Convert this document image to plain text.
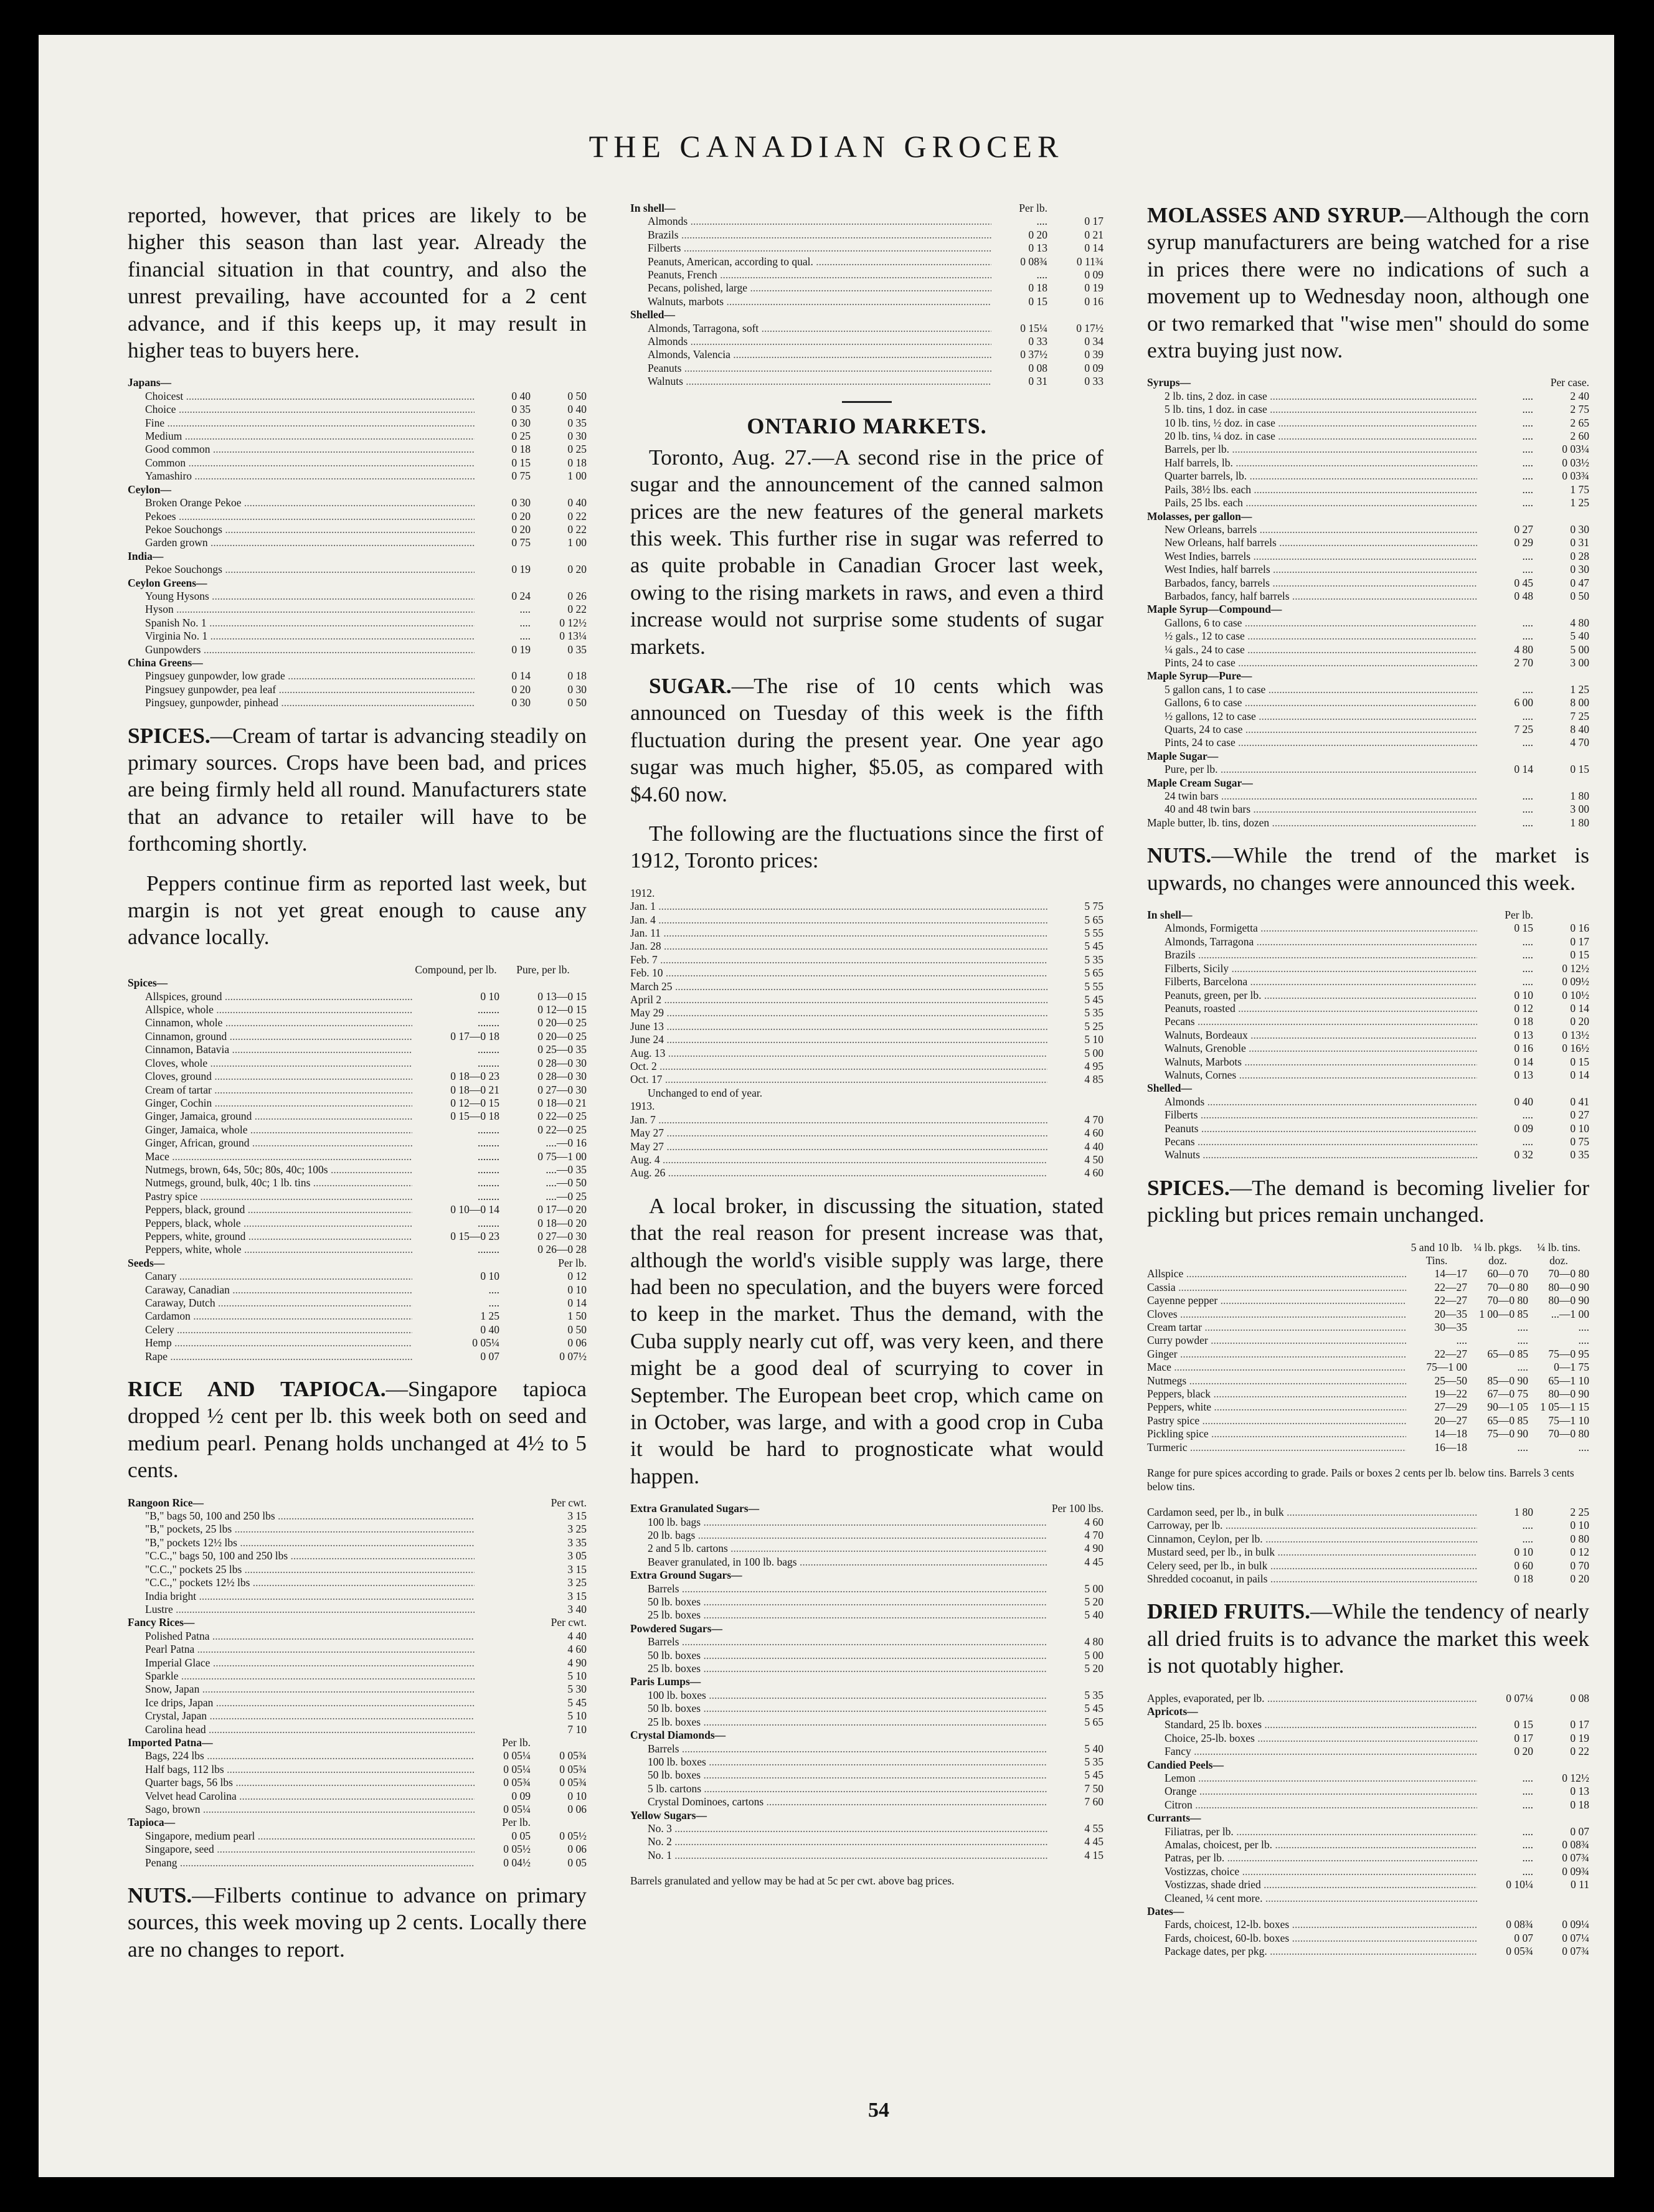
THE CANADIAN GROCER

reported, however, that prices are likely to be higher this season than last year. Already the financial situation in that country, and also the unrest prevailing, have accounted for a 2 cent advance, and if this keeps up, it may result in higher teas to buyers here.

Japans—
Choicest .....	0 40	0 50
Choice .....	0 35	0 40
Fine .....	0 30	0 35
Medium .....	0 25	0 30
Good common .....	0 18	0 25
Common .....	0 15	0 18
Yamashiro .....	0 75	1 00
Ceylon—
Broken Orange Pekoe .....	0 30	0 40
Pekoes .....	0 20	0 22
Pekoe Souchongs .....	0 20	0 22
Garden grown .....	0 75	1 00
India—
Pekoe Souchongs .....	0 19	0 20
Ceylon Greens—
Young Hysons .....	0 24	0 26
Hyson .....	....	0 22
Spanish No. 1 .....	....	0 12½
Virginia No. 1 .....	....	0 13¼
Gunpowders .....	0 19	0 35
China Greens—
Pingsuey gunpowder, low grade .....	0 14	0 18
Pingsuey gunpowder, pea leaf .....	0 20	0 30
Pingsuey, gunpowder, pinhead .....	0 30	0 50

SPICES.—Cream of tartar is advancing steadily on primary sources. Crops have been bad, and prices are being firmly held all round. Manufacturers state that an advance to retailer will have to be forthcoming shortly.

Peppers continue firm as reported last week, but margin is not yet great enough to cause any advance locally.

Compound, per lb.	Pure, per lb.
Spices—
Allspices, ground .....	0 10	0 13—0 15
Allspice, whole .....	........	0 12—0 15
Cinnamon, whole .....	........	0 20—0 25
Cinnamon, ground .....	0 17—0 18	0 20—0 25
Cinnamon, Batavia .....	........	0 25—0 35
Cloves, whole .....	........	0 28—0 30
Cloves, ground .....	0 18—0 23	0 28—0 30
Cream of tartar .....	0 18—0 21	0 27—0 30
Ginger, Cochin .....	0 12—0 15	0 18—0 21
Ginger, Jamaica, ground .....	0 15—0 18	0 22—0 25
Ginger, Jamaica, whole .....	........	0 22—0 25
Ginger, African, ground .....	........	....—0 16
Mace .....	........	0 75—1 00
Nutmegs, brown, 64s, 50c; 80s, 40c; 100s .....	........	....—0 35
Nutmegs, ground, bulk, 40c; 1 lb. tins .....	........	....—0 50
Pastry spice .....	........	....—0 25
Peppers, black, ground .....	0 10—0 14	0 17—0 20
Peppers, black, whole .....	........	0 18—0 20
Peppers, white, ground .....	0 15—0 23	0 27—0 30
Peppers, white, whole .....	........	0 26—0 28
Seeds—	Per lb.
Canary .....	0 10	0 12
Caraway, Canadian .....	....	0 10
Caraway, Dutch .....	....	0 14
Cardamon .....	1 25	1 50
Celery .....	0 40	0 50
Hemp .....	0 05¼	0 06
Rape .....	0 07	0 07½

RICE AND TAPIOCA.—Singapore tapioca dropped ½ cent per lb. this week both on seed and medium pearl. Penang holds unchanged at 4½ to 5 cents.

Rangoon Rice—	Per cwt.
"B," bags 50, 100 and 250 lbs .....	3 15
"B," pockets, 25 lbs .....	3 25
"B," pockets 12½ lbs .....	3 35
"C.C.," bags 50, 100 and 250 lbs .....	3 05
"C.C.," pockets 25 lbs .....	3 15
"C.C.," pockets 12½ lbs .....	3 25
India bright .....	3 15
Lustre .....	3 40
Fancy Rices—	Per cwt.
Polished Patna .....	4 40
Pearl Patna .....	4 60
Imperial Glace .....	4 90
Sparkle .....	5 10
Snow, Japan .....	5 30
Ice drips, Japan .....	5 45
Crystal, Japan .....	5 10
Carolina head .....	7 10
Imported Patna—	Per lb.
Bags, 224 lbs .....	0 05¼	0 05¾
Half bags, 112 lbs .....	0 05¼	0 05¾
Quarter bags, 56 lbs .....	0 05¾	0 05¾
Velvet head Carolina .....	0 09	0 10
Sago, brown .....	0 05¼	0 06
Tapioca—	Per lb.
Singapore, medium pearl .....	0 05	0 05½
Singapore, seed .....	0 05½	0 06
Penang .....	0 04½	0 05

NUTS.—Filberts continue to advance on primary sources, this week moving up 2 cents. Locally there are no changes to report.

In shell—	Per lb.
Almonds .....	....	0 17
Brazils .....	0 20	0 21
Filberts .....	0 13	0 14
Peanuts, American, according to qual. .....	0 08¾	0 11¾
Peanuts, French .....	....	0 09
Pecans, polished, large .....	0 18	0 19
Walnuts, marbots .....	0 15	0 16
Shelled—
Almonds, Tarragona, soft .....	0 15¼	0 17½
Almonds .....	0 33	0 34
Almonds, Valencia .....	0 37½	0 39
Peanuts .....	0 08	0 09
Walnuts .....	0 31	0 33
ONTARIO MARKETS.

Toronto, Aug. 27.—A second rise in the price of sugar and the announcement of the canned salmon prices are the new features of the general markets this week. This further rise in sugar was referred to as quite probable in Canadian Grocer last week, owing to the rising markets in raws, and even a third increase would not surprise some students of sugar markets.

SUGAR.—The rise of 10 cents which was announced on Tuesday of this week is the fifth fluctuation during the present year. One year ago sugar was much higher, $5.05, as compared with $4.60 now.

The following are the fluctuations since the first of 1912, Toronto prices:

1912.
Jan. 1 .....	5 75
Jan. 4 .....	5 65
Jan. 11 .....	5 55
Jan. 28 .....	5 45
Feb. 7 .....	5 35
Feb. 10 .....	5 65
March 25 .....	5 55
April 2 .....	5 45
May 29 .....	5 35
June 13 .....	5 25
June 24 .....	5 10
Aug. 13 .....	5 00
Oct. 2 .....	4 95
Oct. 17 .....	4 85
Unchanged to end of year.
1913.
Jan. 7 .....	4 70
May 27 .....	4 60
May 27 .....	4 40
Aug. 4 .....	4 50
Aug. 26 .....	4 60

A local broker, in discussing the situation, stated that the real reason for present increase was that, although the world's visible supply was large, there had been no speculation, and the buyers were forced to keep in the market. Thus the demand, with the Cuba supply nearly cut off, was very keen, and there might be a good deal of scurrying to cover in September. The European beet crop, which came on in October, was large, and with a good crop in Cuba it would be hard to prognosticate what would happen.

Extra Granulated Sugars—	Per 100 lbs.
100 lb. bags .....	4 60
20 lb. bags .....	4 70
2 and 5 lb. cartons .....	4 90
Beaver granulated, in 100 lb. bags .....	4 45
Extra Ground Sugars—
Barrels .....	5 00
50 lb. boxes .....	5 20
25 lb. boxes .....	5 40
Powdered Sugars—
Barrels .....	4 80
50 lb. boxes .....	5 00
25 lb. boxes .....	5 20
Paris Lumps—
100 lb. boxes .....	5 35
50 lb. boxes .....	5 45
25 lb. boxes .....	5 65
Crystal Diamonds—
Barrels .....	5 40
100 lb. boxes .....	5 35
50 lb. boxes .....	5 45
5 lb. cartons .....	7 50
Crystal Dominoes, cartons .....	7 60
Yellow Sugars—
No. 3 .....	4 55
No. 2 .....	4 45
No. 1 .....	4 15
Barrels granulated and yellow may be had at 5c per cwt. above bag prices.

MOLASSES AND SYRUP.—Although the corn syrup manufacturers are being watched for a rise in prices there were no indications of such a movement up to Wednesday noon, although one or two remarked that "wise men" should do some extra buying just now.

Syrups—	Per case.
2 lb. tins, 2 doz. in case .....	....	2 40
5 lb. tins, 1 doz. in case .....	....	2 75
10 lb. tins, ½ doz. in case .....	....	2 65
20 lb. tins, ¼ doz. in case .....	....	2 60
Barrels, per lb. .....	....	0 03¼
Half barrels, lb. .....	....	0 03½
Quarter barrels, lb. .....	....	0 03¾
Pails, 38½ lbs. each .....	....	1 75
Pails, 25 lbs. each .....	....	1 25
Molasses, per gallon—
New Orleans, barrels .....	0 27	0 30
New Orleans, half barrels .....	0 29	0 31
West Indies, barrels .....	....	0 28
West Indies, half barrels .....	....	0 30
Barbados, fancy, barrels .....	0 45	0 47
Barbados, fancy, half barrels .....	0 48	0 50
Maple Syrup—Compound—
Gallons, 6 to case .....	....	4 80
½ gals., 12 to case .....	....	5 40
¼ gals., 24 to case .....	4 80	5 00
Pints, 24 to case .....	2 70	3 00
Maple Syrup—Pure—
5 gallon cans, 1 to case .....	....	1 25
Gallons, 6 to case .....	6 00	8 00
½ gallons, 12 to case .....	....	7 25
Quarts, 24 to case .....	7 25	8 40
Pints, 24 to case .....	....	4 70
Maple Sugar—
Pure, per lb. .....	0 14	0 15
Maple Cream Sugar—
24 twin bars .....	....	1 80
40 and 48 twin bars .....	....	3 00
Maple butter, lb. tins, dozen .....	....	1 80

NUTS.—While the trend of the market is upwards, no changes were announced this week.

In shell—	Per lb.
Almonds, Formigetta .....	0 15	0 16
Almonds, Tarragona .....	....	0 17
Brazils .....	....	0 15
Filberts, Sicily .....	....	0 12½
Filberts, Barcelona .....	....	0 09½
Peanuts, green, per lb. .....	0 10	0 10½
Peanuts, roasted .....	0 12	0 14
Pecans .....	0 18	0 20
Walnuts, Bordeaux .....	0 13	0 13½
Walnuts, Grenoble .....	0 16	0 16½
Walnuts, Marbots .....	0 14	0 15
Walnuts, Cornes .....	0 13	0 14
Shelled—
Almonds .....	0 40	0 41
Filberts .....	....	0 27
Peanuts .....	0 09	0 10
Pecans .....	....	0 75
Walnuts .....	0 32	0 35

SPICES.—The demand is becoming livelier for pickling but prices remain unchanged.

5 and 10 lb. Tins.
¼ lb. pkgs. doz.
¼ lb. tins. doz.
Allspice .....	14—17	60—0 70	70—0 80
Cassia .....	22—27	70—0 80	80—0 90
Cayenne pepper .....	22—27	70—0 80	80—0 90
Cloves .....	20—35	1 00—0 85	...—1 00
Cream tartar .....	30—35	....	....
Curry powder .....	....	....	....
Ginger .....	22—27	65—0 85	75—0 95
Mace .....	75—1 00	....	0—1 75
Nutmegs .....	25—50	85—0 90	65—1 10
Peppers, black .....	19—22	67—0 75	80—0 90
Peppers, white .....	27—29	90—1 05	1 05—1 15
Pastry spice .....	20—27	65—0 85	75—1 10
Pickling spice .....	14—18	75—0 90	70—0 80
Turmeric .....	16—18	....	....
Range for pure spices according to grade. Pails or boxes 2 cents per lb. below tins. Barrels 3 cents below tins.
Cardamon seed, per lb., in bulk .....	1 80	2 25
Carroway, per lb. .....	....	0 10
Cinnamon, Ceylon, per lb. .....	....	0 80
Mustard seed, per lb., in bulk .....	0 10	0 12
Celery seed, per lb., in bulk .....	0 60	0 70
Shredded cocoanut, in pails .....	0 18	0 20

DRIED FRUITS.—While the tendency of nearly all dried fruits is to advance the market this week is not quotably higher.

Apples, evaporated, per lb. .....	0 07¼	0 08
Apricots—
Standard, 25 lb. boxes .....	0 15	0 17
Choice, 25-lb. boxes .....	0 17	0 19
Fancy .....	0 20	0 22
Candied Peels—
Lemon .....	....	0 12½
Orange .....	....	0 13
Citron .....	....	0 18
Currants—
Filiatras, per lb. .....	....	0 07
Amalas, choicest, per lb. .....	....	0 08¾
Patras, per lb. .....	....	0 07¾
Vostizzas, choice .....	....	0 09¾
Vostizzas, shade dried .....	0 10¼	0 11
Cleaned, ¼ cent more. .....
Dates—
Fards, choicest, 12-lb. boxes .....	0 08¾	0 09¼
Fards, choicest, 60-lb. boxes .....	0 07	0 07¼
Package dates, per pkg. .....	0 05¾	0 07¾
54
